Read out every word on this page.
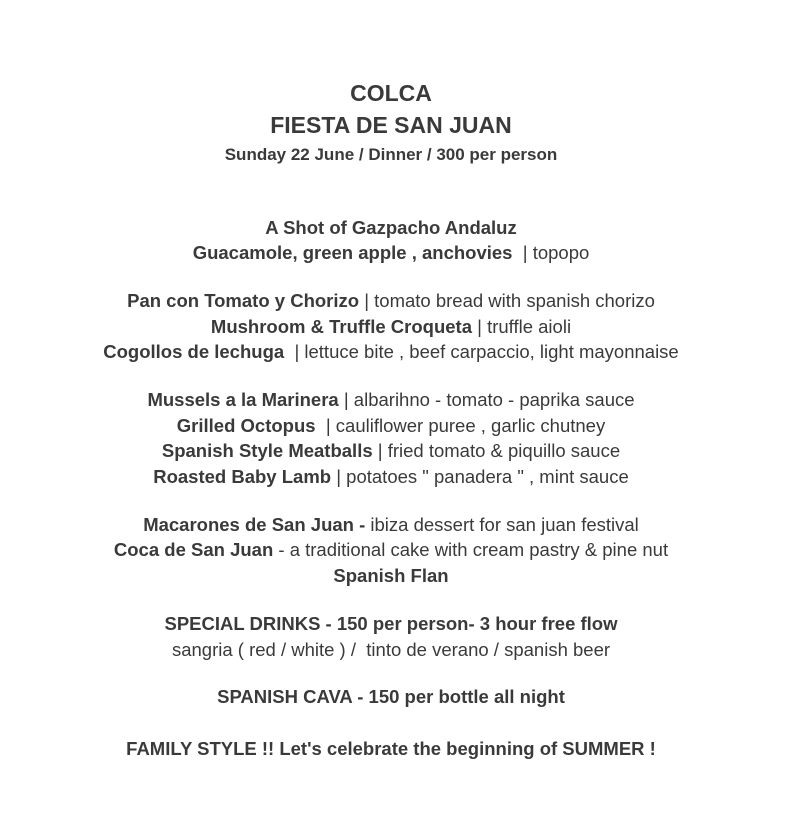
COLCA
FIESTA DE SAN JUAN
Sunday 22 June / Dinner / 300 per person
A Shot of Gazpacho Andaluz
Guacamole, green apple , anchovies  | topopo
Pan con Tomato y Chorizo | tomato bread with spanish chorizo
Mushroom & Truffle Croqueta | truffle aioli
Cogollos de lechuga  | lettuce bite , beef carpaccio, light mayonnaise
Mussels a la Marinera | albarihno - tomato - paprika sauce
Grilled Octopus  | cauliflower puree , garlic chutney
Spanish Style Meatballs | fried tomato & piquillo sauce
Roasted Baby Lamb | potatoes " panadera " , mint sauce
Macarones de San Juan - ibiza dessert for san juan festival
Coca de San Juan - a traditional cake with cream pastry & pine nut
Spanish Flan
SPECIAL DRINKS - 150 per person- 3 hour free flow
sangria ( red / white ) /  tinto de verano / spanish beer
SPANISH CAVA - 150 per bottle all night
FAMILY STYLE !! Let's celebrate the beginning of SUMMER !
